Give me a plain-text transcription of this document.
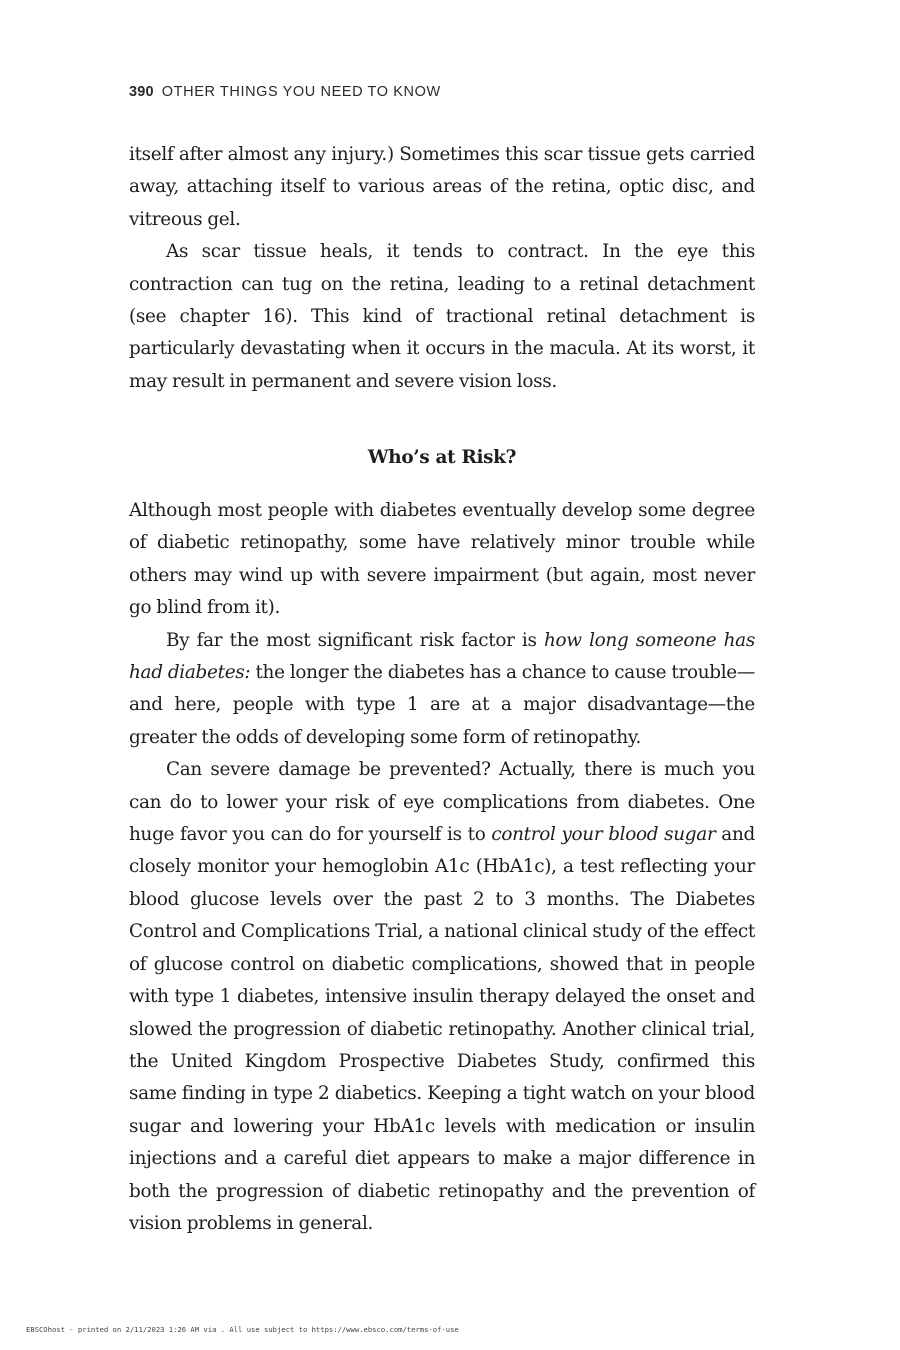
390 OTHER THINGS YOU NEED TO KNOW

itself after almost any injury.) Sometimes this scar tissue gets carried away, attaching itself to various areas of the retina, optic disc, and vitreous gel.

As scar tissue heals, it tends to contract. In the eye this contraction can tug on the retina, leading to a retinal detachment (see chapter 16). This kind of tractional retinal detachment is particularly devastating when it occurs in the macula. At its worst, it may result in permanent and severe vision loss.

Who’s at Risk?

Although most people with diabetes eventually develop some degree of diabetic retinopathy, some have relatively minor trouble while others may wind up with severe impairment (but again, most never go blind from it).

By far the most significant risk factor is how long someone has had diabetes: the longer the diabetes has a chance to cause trouble—and here, people with type 1 are at a major disadvantage—the greater the odds of developing some form of retinopathy.

Can severe damage be prevented? Actually, there is much you can do to lower your risk of eye complications from diabetes. One huge favor you can do for yourself is to control your blood sugar and closely monitor your hemoglobin A1c (HbA1c), a test reflecting your blood glucose levels over the past 2 to 3 months. The Diabetes Control and Complications Trial, a national clinical study of the effect of glucose control on diabetic complications, showed that in people with type 1 diabetes, intensive insulin therapy delayed the onset and slowed the progression of diabetic retinopathy. Another clinical trial, the United Kingdom Prospective Diabetes Study, confirmed this same finding in type 2 diabetics. Keeping a tight watch on your blood sugar and lowering your HbA1c levels with medication or insulin injections and a careful diet appears to make a major difference in both the progression of diabetic retinopathy and the prevention of vision problems in general.

EBSCOhost - printed on 2/11/2023 1:26 AM via . All use subject to https://www.ebsco.com/terms-of-use
